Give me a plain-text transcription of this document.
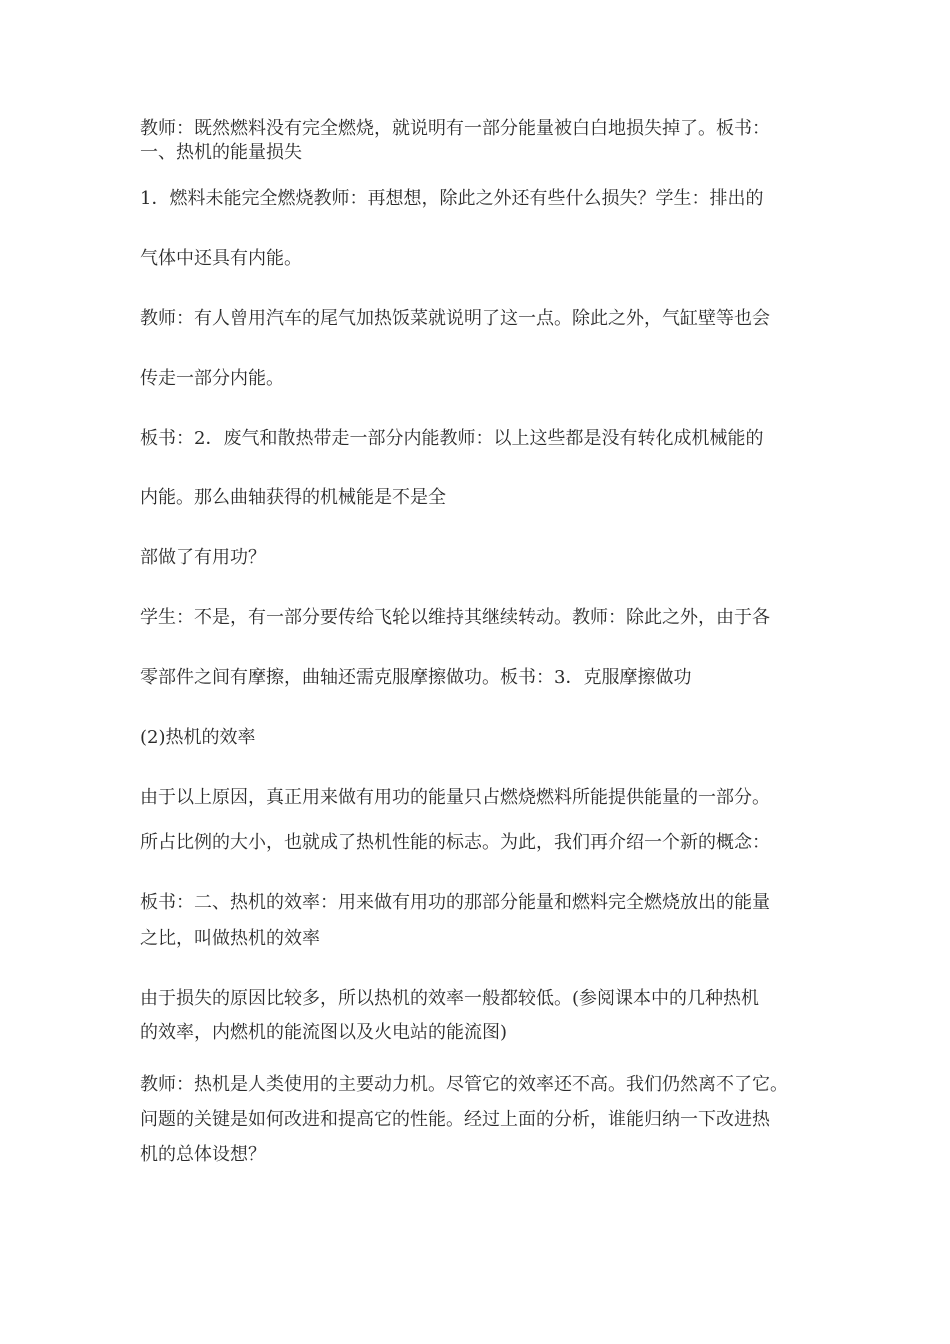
教师：既然燃料没有完全燃烧，就说明有一部分能量被白白地损失掉了。板书：
一、热机的能量损失
1．燃料未能完全燃烧教师：再想想，除此之外还有些什么损失？学生：排出的
气体中还具有内能。
教师：有人曾用汽车的尾气加热饭菜就说明了这一点。除此之外，气缸壁等也会
传走一部分内能。
板书：2．废气和散热带走一部分内能教师：以上这些都是没有转化成机械能的
内能。那么曲轴获得的机械能是不是全
部做了有用功？
学生：不是，有一部分要传给飞轮以维持其继续转动。教师：除此之外，由于各
零部件之间有摩擦，曲轴还需克服摩擦做功。板书：3．克服摩擦做功
(2)热机的效率
由于以上原因，真正用来做有用功的能量只占燃烧燃料所能提供能量的一部分。
所占比例的大小，也就成了热机性能的标志。为此，我们再介绍一个新的概念：
板书：二、热机的效率：用来做有用功的那部分能量和燃料完全燃烧放出的能量
之比，叫做热机的效率
由于损失的原因比较多，所以热机的效率一般都较低。(参阅课本中的几种热机
的效率，内燃机的能流图以及火电站的能流图)
教师：热机是人类使用的主要动力机。尽管它的效率还不高。我们仍然离不了它。
问题的关键是如何改进和提高它的性能。经过上面的分析，谁能归纳一下改进热
机的总体设想？
